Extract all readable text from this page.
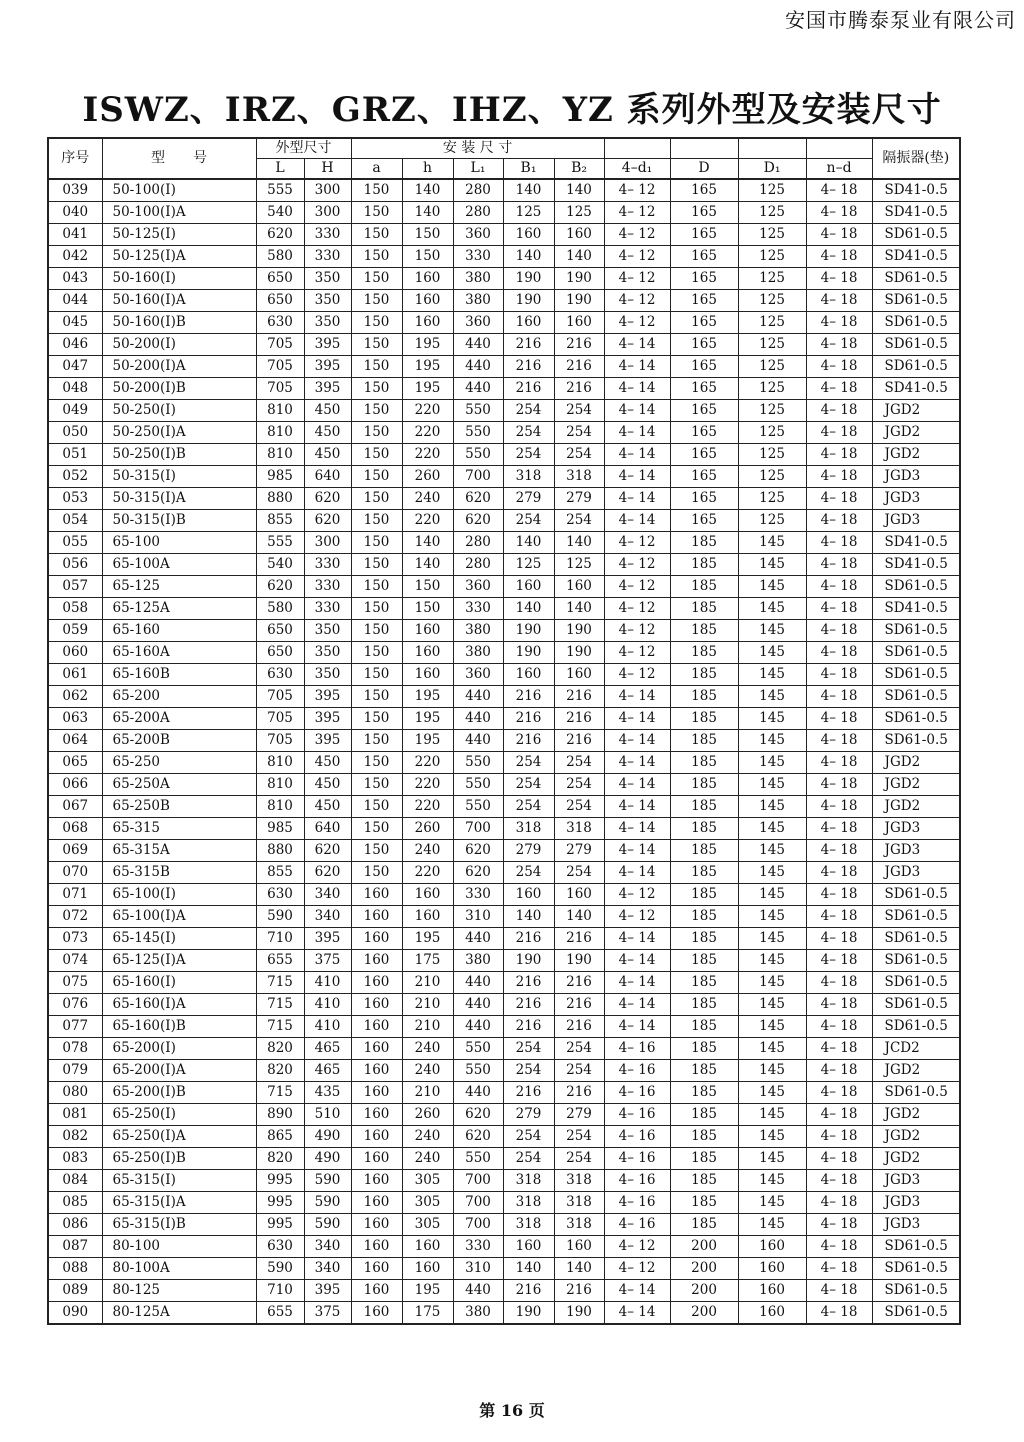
安国市腾泰泵业有限公司
ISWZ、IRZ、GRZ、IHZ、YZ 系列外型及安装尺寸
序号	型　　号	外型尺寸		安 装 尺 寸									隔振器(垫)
		L	H	a	h	L₁	B₁	B₂	4–d₁	D	D₁	n–d	
039	50-100(Ⅰ)	555	300	150	140	280	140	140	4– 12	165	125	4– 18	SD41-0.5
040	50-100(Ⅰ)A	540	300	150	140	280	125	125	4– 12	165	125	4– 18	SD41-0.5
041	50-125(Ⅰ)	620	330	150	150	360	160	160	4– 12	165	125	4– 18	SD61-0.5
042	50-125(Ⅰ)A	580	330	150	150	330	140	140	4– 12	165	125	4– 18	SD41-0.5
043	50-160(Ⅰ)	650	350	150	160	380	190	190	4– 12	165	125	4– 18	SD61-0.5
044	50-160(Ⅰ)A	650	350	150	160	380	190	190	4– 12	165	125	4– 18	SD61-0.5
045	50-160(Ⅰ)B	630	350	150	160	360	160	160	4– 12	165	125	4– 18	SD61-0.5
046	50-200(Ⅰ)	705	395	150	195	440	216	216	4– 14	165	125	4– 18	SD61-0.5
047	50-200(Ⅰ)A	705	395	150	195	440	216	216	4– 14	165	125	4– 18	SD61-0.5
048	50-200(Ⅰ)B	705	395	150	195	440	216	216	4– 14	165	125	4– 18	SD41-0.5
049	50-250(Ⅰ)	810	450	150	220	550	254	254	4– 14	165	125	4– 18	JGD2
050	50-250(Ⅰ)A	810	450	150	220	550	254	254	4– 14	165	125	4– 18	JGD2
051	50-250(Ⅰ)B	810	450	150	220	550	254	254	4– 14	165	125	4– 18	JGD2
052	50-315(Ⅰ)	985	640	150	260	700	318	318	4– 14	165	125	4– 18	JGD3
053	50-315(Ⅰ)A	880	620	150	240	620	279	279	4– 14	165	125	4– 18	JGD3
054	50-315(Ⅰ)B	855	620	150	220	620	254	254	4– 14	165	125	4– 18	JGD3
055	65-100	555	300	150	140	280	140	140	4– 12	185	145	4– 18	SD41-0.5
056	65-100A	540	330	150	140	280	125	125	4– 12	185	145	4– 18	SD41-0.5
057	65-125	620	330	150	150	360	160	160	4– 12	185	145	4– 18	SD61-0.5
058	65-125A	580	330	150	150	330	140	140	4– 12	185	145	4– 18	SD41-0.5
059	65-160	650	350	150	160	380	190	190	4– 12	185	145	4– 18	SD61-0.5
060	65-160A	650	350	150	160	380	190	190	4– 12	185	145	4– 18	SD61-0.5
061	65-160B	630	350	150	160	360	160	160	4– 12	185	145	4– 18	SD61-0.5
062	65-200	705	395	150	195	440	216	216	4– 14	185	145	4– 18	SD61-0.5
063	65-200A	705	395	150	195	440	216	216	4– 14	185	145	4– 18	SD61-0.5
064	65-200B	705	395	150	195	440	216	216	4– 14	185	145	4– 18	SD61-0.5
065	65-250	810	450	150	220	550	254	254	4– 14	185	145	4– 18	JGD2
066	65-250A	810	450	150	220	550	254	254	4– 14	185	145	4– 18	JGD2
067	65-250B	810	450	150	220	550	254	254	4– 14	185	145	4– 18	JGD2
068	65-315	985	640	150	260	700	318	318	4– 14	185	145	4– 18	JGD3
069	65-315A	880	620	150	240	620	279	279	4– 14	185	145	4– 18	JGD3
070	65-315B	855	620	150	220	620	254	254	4– 14	185	145	4– 18	JGD3
071	65-100(Ⅰ)	630	340	160	160	330	160	160	4– 12	185	145	4– 18	SD61-0.5
072	65-100(Ⅰ)A	590	340	160	160	310	140	140	4– 12	185	145	4– 18	SD61-0.5
073	65-145(Ⅰ)	710	395	160	195	440	216	216	4– 14	185	145	4– 18	SD61-0.5
074	65-125(Ⅰ)A	655	375	160	175	380	190	190	4– 14	185	145	4– 18	SD61-0.5
075	65-160(Ⅰ)	715	410	160	210	440	216	216	4– 14	185	145	4– 18	SD61-0.5
076	65-160(Ⅰ)A	715	410	160	210	440	216	216	4– 14	185	145	4– 18	SD61-0.5
077	65-160(Ⅰ)B	715	410	160	210	440	216	216	4– 14	185	145	4– 18	SD61-0.5
078	65-200(Ⅰ)	820	465	160	240	550	254	254	4– 16	185	145	4– 18	JCD2
079	65-200(Ⅰ)A	820	465	160	240	550	254	254	4– 16	185	145	4– 18	JGD2
080	65-200(Ⅰ)B	715	435	160	210	440	216	216	4– 16	185	145	4– 18	SD61-0.5
081	65-250(Ⅰ)	890	510	160	260	620	279	279	4– 16	185	145	4– 18	JGD2
082	65-250(Ⅰ)A	865	490	160	240	620	254	254	4– 16	185	145	4– 18	JGD2
083	65-250(Ⅰ)B	820	490	160	240	550	254	254	4– 16	185	145	4– 18	JGD2
084	65-315(Ⅰ)	995	590	160	305	700	318	318	4– 16	185	145	4– 18	JGD3
085	65-315(Ⅰ)A	995	590	160	305	700	318	318	4– 16	185	145	4– 18	JGD3
086	65-315(Ⅰ)B	995	590	160	305	700	318	318	4– 16	185	145	4– 18	JGD3
087	80-100	630	340	160	160	330	160	160	4– 12	200	160	4– 18	SD61-0.5
088	80-100A	590	340	160	160	310	140	140	4– 12	200	160	4– 18	SD61-0.5
089	80-125	710	395	160	195	440	216	216	4– 14	200	160	4– 18	SD61-0.5
090	80-125A	655	375	160	175	380	190	190	4– 14	200	160	4– 18	SD61-0.5
第 16 页
